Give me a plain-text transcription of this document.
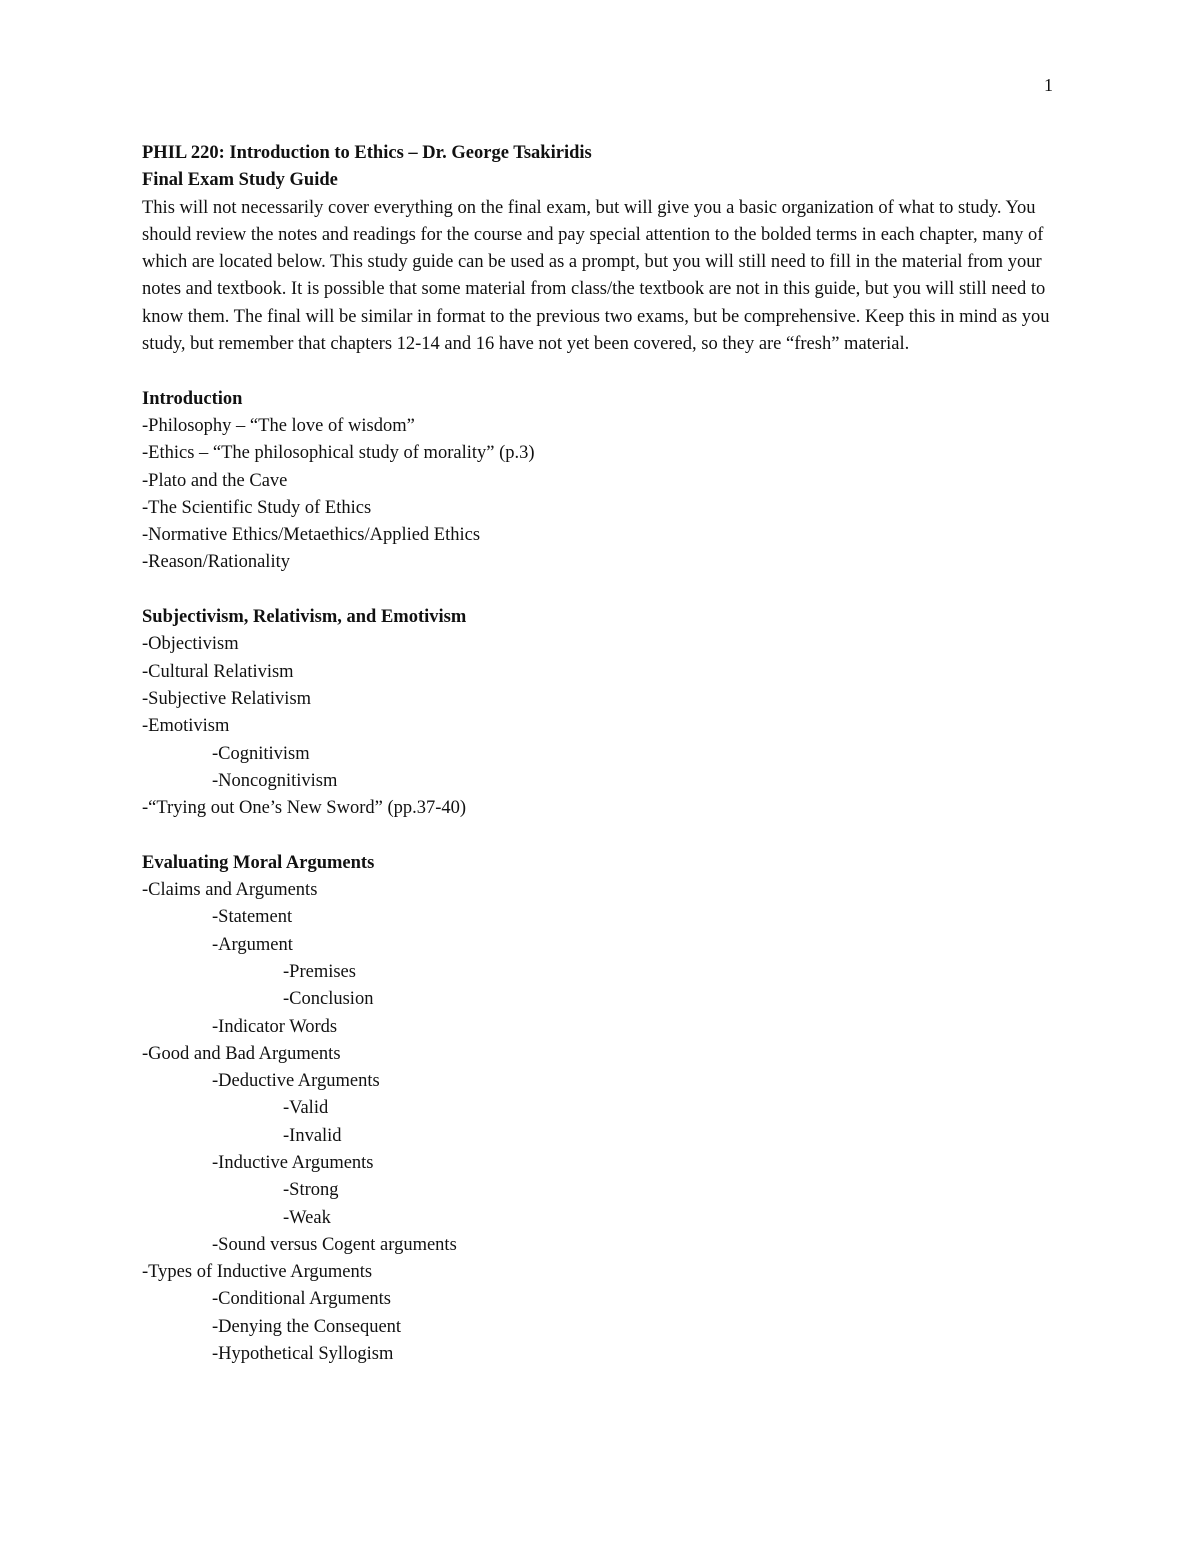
1
PHIL 220: Introduction to Ethics – Dr. George Tsakiridis
Final Exam Study Guide

This will not necessarily cover everything on the final exam, but will give you a basic organization of what to study. You should review the notes and readings for the course and pay special attention to the bolded terms in each chapter, many of which are located below. This study guide can be used as a prompt, but you will still need to fill in the material from your notes and textbook. It is possible that some material from class/the textbook are not in this guide, but you will still need to know them. The final will be similar in format to the previous two exams, but be comprehensive. Keep this in mind as you study, but remember that chapters 12-14 and 16 have not yet been covered, so they are “fresh” material.

Introduction
-Philosophy – “The love of wisdom”
-Ethics – “The philosophical study of morality” (p.3)
-Plato and the Cave
-The Scientific Study of Ethics
-Normative Ethics/Metaethics/Applied Ethics
-Reason/Rationality
Subjectivism, Relativism, and Emotivism
-Objectivism
-Cultural Relativism
-Subjective Relativism
-Emotivism
-Cognitivism
-Noncognitivism
-“Trying out One’s New Sword” (pp.37-40)
Evaluating Moral Arguments
-Claims and Arguments
-Statement
-Argument
-Premises
-Conclusion
-Indicator Words
-Good and Bad Arguments
-Deductive Arguments
-Valid
-Invalid
-Inductive Arguments
-Strong
-Weak
-Sound versus Cogent arguments
-Types of Inductive Arguments
-Conditional Arguments
-Denying the Consequent
-Hypothetical Syllogism
